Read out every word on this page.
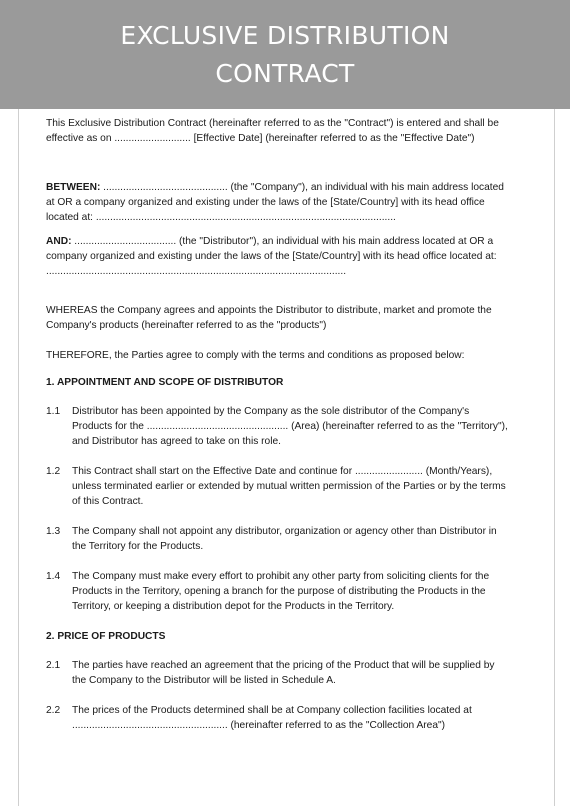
EXCLUSIVE DISTRIBUTION
CONTRACT

This Exclusive Distribution Contract (hereinafter referred to as the "Contract") is entered and shall be effective as on ........................... [Effective Date] (hereinafter referred to as the "Effective Date")

BETWEEN: ............................................ (the "Company"), an individual with his main address located at OR a company organized and existing under the laws of the [State/Country] with its head office located at: ..........................................................................................................

AND: .................................... (the "Distributor"), an individual with his main address located at OR a company organized and existing under the laws of the [State/Country] with its head office located at: ..........................................................................................................

WHEREAS the Company agrees and appoints the Distributor to distribute, market and promote the Company's products (hereinafter referred to as the "products")

THEREFORE, the Parties agree to comply with the terms and conditions as proposed below:

1. APPOINTMENT AND SCOPE OF DISTRIBUTOR

1.1	Distributor has been appointed by the Company as the sole distributor of the Company's Products for the .................................................. (Area) (hereinafter referred to as the "Territory"), and Distributor has agreed to take on this role.
1.2	This Contract shall start on the Effective Date and continue for ........................ (Month/Years), unless terminated earlier or extended by mutual written permission of the Parties or by the terms of this Contract.
1.3	The Company shall not appoint any distributor, organization or agency other than Distributor in the Territory for the Products.
1.4	The Company must make every effort to prohibit any other party from soliciting clients for the Products in the Territory, opening a branch for the purpose of distributing the Products in the Territory, or keeping a distribution depot for the Products in the Territory.

2. PRICE OF PRODUCTS

2.1	The parties have reached an agreement that the pricing of the Product that will be supplied by the Company to the Distributor will be listed in Schedule A.
2.2	The prices of the Products determined shall be at Company collection facilities located at ....................................................... (hereinafter referred to as the "Collection Area")
